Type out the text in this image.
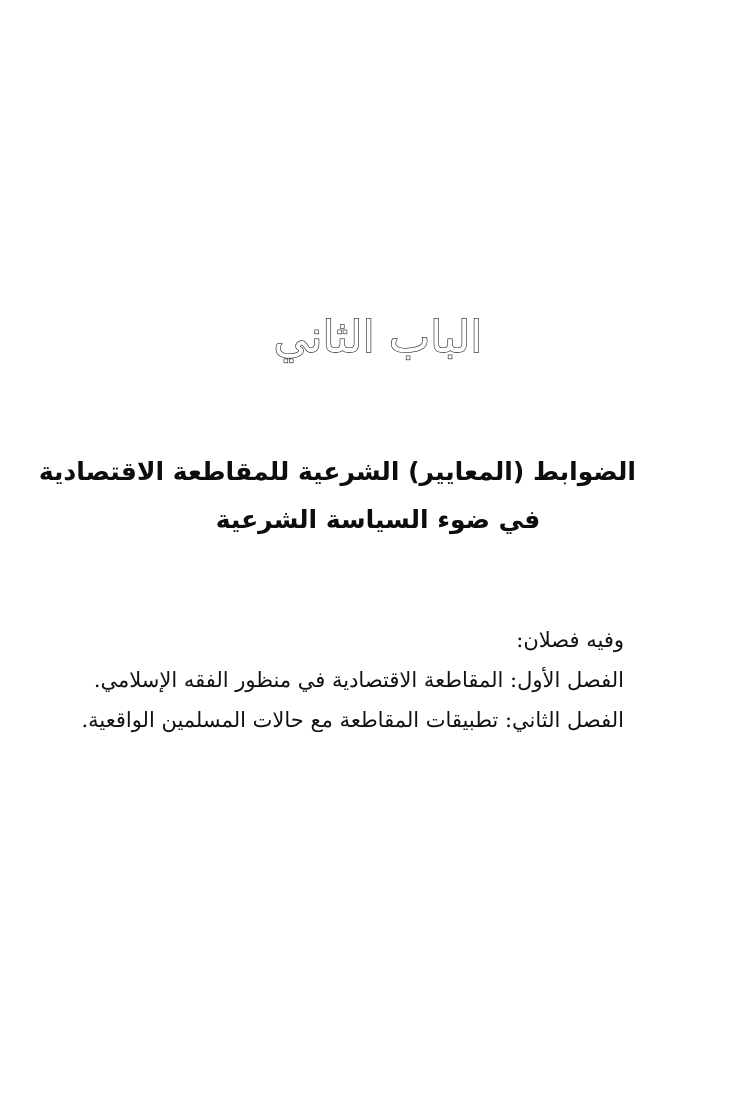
الباب الثاني
الضوابط (المعايير) الشرعية للمقاطعة الاقتصادية
في ضوء السياسة الشرعية
وفيه فصلان:
الفصل الأول: المقاطعة الاقتصادية في منظور الفقه الإسلامي.
الفصل الثاني: تطبيقات المقاطعة مع حالات المسلمين الواقعية.
